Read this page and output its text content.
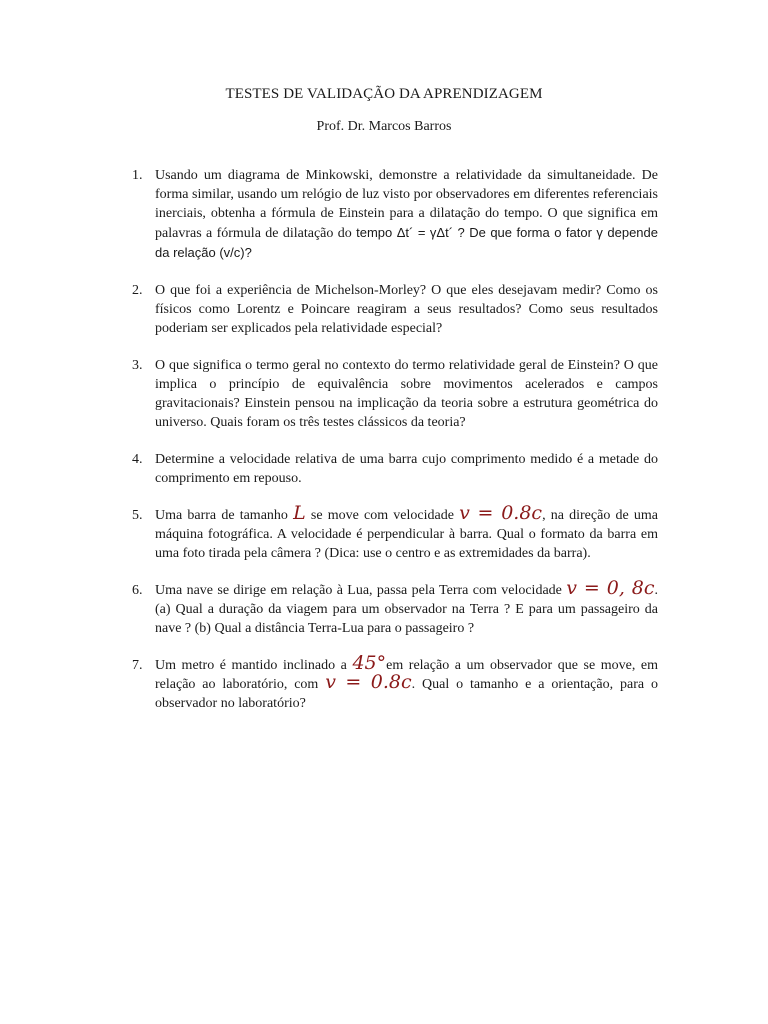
TESTES DE VALIDAÇÃO DA APRENDIZAGEM
Prof. Dr. Marcos Barros
1. Usando um diagrama de Minkowski, demonstre a relatividade da simultaneidade. De forma similar, usando um relógio de luz visto por observadores em diferentes referenciais inerciais, obtenha a fórmula de Einstein para a dilatação do tempo. O que significa em palavras a fórmula de dilatação do tempo Δt´ = γΔt´ ? De que forma o fator γ depende da relação (v/c)?
2. O que foi a experiência de Michelson-Morley? O que eles desejavam medir? Como os físicos como Lorentz e Poincare reagiram a seus resultados? Como seus resultados poderiam ser explicados pela relatividade especial?
3. O que significa o termo geral no contexto do termo relatividade geral de Einstein? O que implica o princípio de equivalência sobre movimentos acelerados e campos gravitacionais? Einstein pensou na implicação da teoria sobre a estrutura geométrica do universo. Quais foram os três testes clássicos da teoria?
4. Determine a velocidade relativa de uma barra cujo comprimento medido é a metade do comprimento em repouso.
5. Uma barra de tamanho L se move com velocidade v = 0.8c, na direção de uma máquina fotográfica. A velocidade é perpendicular à barra. Qual o formato da barra em uma foto tirada pela câmera ? (Dica: use o centro e as extremidades da barra).
6. Uma nave se dirige em relação à Lua, passa pela Terra com velocidade v = 0, 8c. (a) Qual a duração da viagem para um observador na Terra ? E para um passageiro da nave ? (b) Qual a distância Terra-Lua para o passageiro ?
7. Um metro é mantido inclinado a 45°em relação a um observador que se move, em relação ao laboratório, com v = 0.8c. Qual o tamanho e a orientação, para o observador no laboratório?
